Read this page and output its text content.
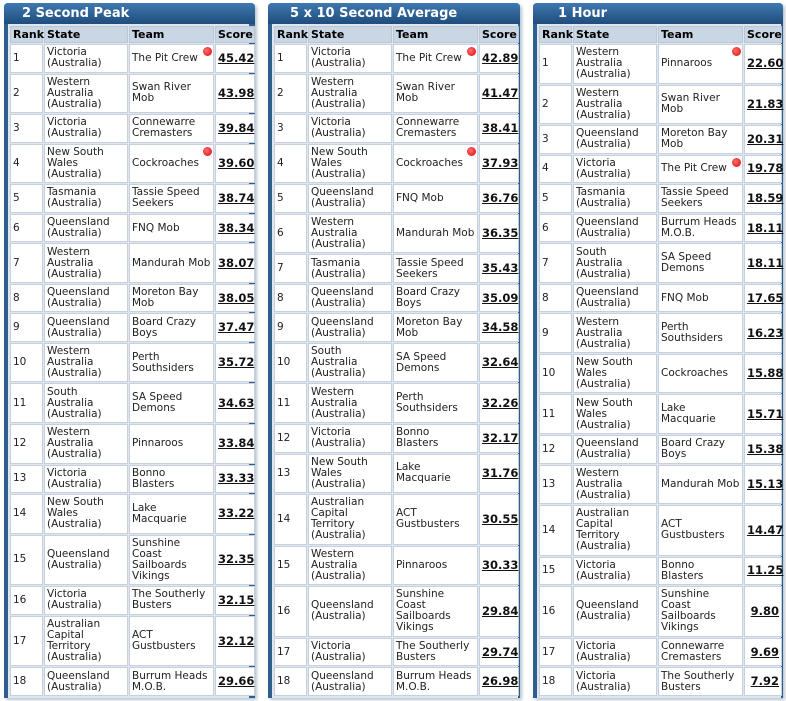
2 Second Peak
Rank	State	Team	Score
1	Victoria (Australia)	The Pit Crew	45.42
2	Western Australia (Australia)	Swan River Mob	43.98
3	Victoria (Australia)	Connewarre Cremasters	39.84
4	New South Wales (Australia)	Cockroaches	39.60
5	Tasmania (Australia)	Tassie Speed Seekers	38.74
6	Queensland (Australia)	FNQ Mob	38.34
7	Western Australia (Australia)	Mandurah Mob	38.07
8	Queensland (Australia)	Moreton Bay Mob	38.05
9	Queensland (Australia)	Board Crazy Boys	37.47
10	Western Australia (Australia)	Perth Southsiders	35.72
11	South Australia (Australia)	SA Speed Demons	34.63
12	Western Australia (Australia)	Pinnaroos	33.84
13	Victoria (Australia)	Bonno Blasters	33.33
14	New South Wales (Australia)	Lake Macquarie	33.22
15	Queensland (Australia)	Sunshine Coast Sailboards Vikings	32.35
16	Victoria (Australia)	The Southerly Busters	32.15
17	Australian Capital Territory (Australia)	ACT Gustbusters	32.12
18	Queensland (Australia)	Burrum Heads M.O.B.	29.66
5 x 10 Second Average
Rank	State	Team	Score
1	Victoria (Australia)	The Pit Crew	42.89
2	Western Australia (Australia)	Swan River Mob	41.47
3	Victoria (Australia)	Connewarre Cremasters	38.41
4	New South Wales (Australia)	Cockroaches	37.93
5	Queensland (Australia)	FNQ Mob	36.76
6	Western Australia (Australia)	Mandurah Mob	36.35
7	Tasmania (Australia)	Tassie Speed Seekers	35.43
8	Queensland (Australia)	Board Crazy Boys	35.09
9	Queensland (Australia)	Moreton Bay Mob	34.58
10	South Australia (Australia)	SA Speed Demons	32.64
11	Western Australia (Australia)	Perth Southsiders	32.26
12	Victoria (Australia)	Bonno Blasters	32.17
13	New South Wales (Australia)	Lake Macquarie	31.76
14	Australian Capital Territory (Australia)	ACT Gustbusters	30.55
15	Western Australia (Australia)	Pinnaroos	30.33
16	Queensland (Australia)	Sunshine Coast Sailboards Vikings	29.84
17	Victoria (Australia)	The Southerly Busters	29.74
18	Queensland (Australia)	Burrum Heads M.O.B.	26.98
1 Hour
Rank	State	Team	Score
1	Western Australia (Australia)	Pinnaroos	22.60
2	Western Australia (Australia)	Swan River Mob	21.83
3	Queensland (Australia)	Moreton Bay Mob	20.31
4	Victoria (Australia)	The Pit Crew	19.78
5	Tasmania (Australia)	Tassie Speed Seekers	18.59
6	Queensland (Australia)	Burrum Heads M.O.B.	18.11
7	South Australia (Australia)	SA Speed Demons	18.11
8	Queensland (Australia)	FNQ Mob	17.65
9	Western Australia (Australia)	Perth Southsiders	16.23
10	New South Wales (Australia)	Cockroaches	15.88
11	New South Wales (Australia)	Lake Macquarie	15.71
12	Queensland (Australia)	Board Crazy Boys	15.38
13	Western Australia (Australia)	Mandurah Mob	15.13
14	Australian Capital Territory (Australia)	ACT Gustbusters	14.47
15	Victoria (Australia)	Bonno Blasters	11.25
16	Queensland (Australia)	Sunshine Coast Sailboards Vikings	9.80
17	Victoria (Australia)	Connewarre Cremasters	9.69
18	Victoria (Australia)	The Southerly Busters	7.92
